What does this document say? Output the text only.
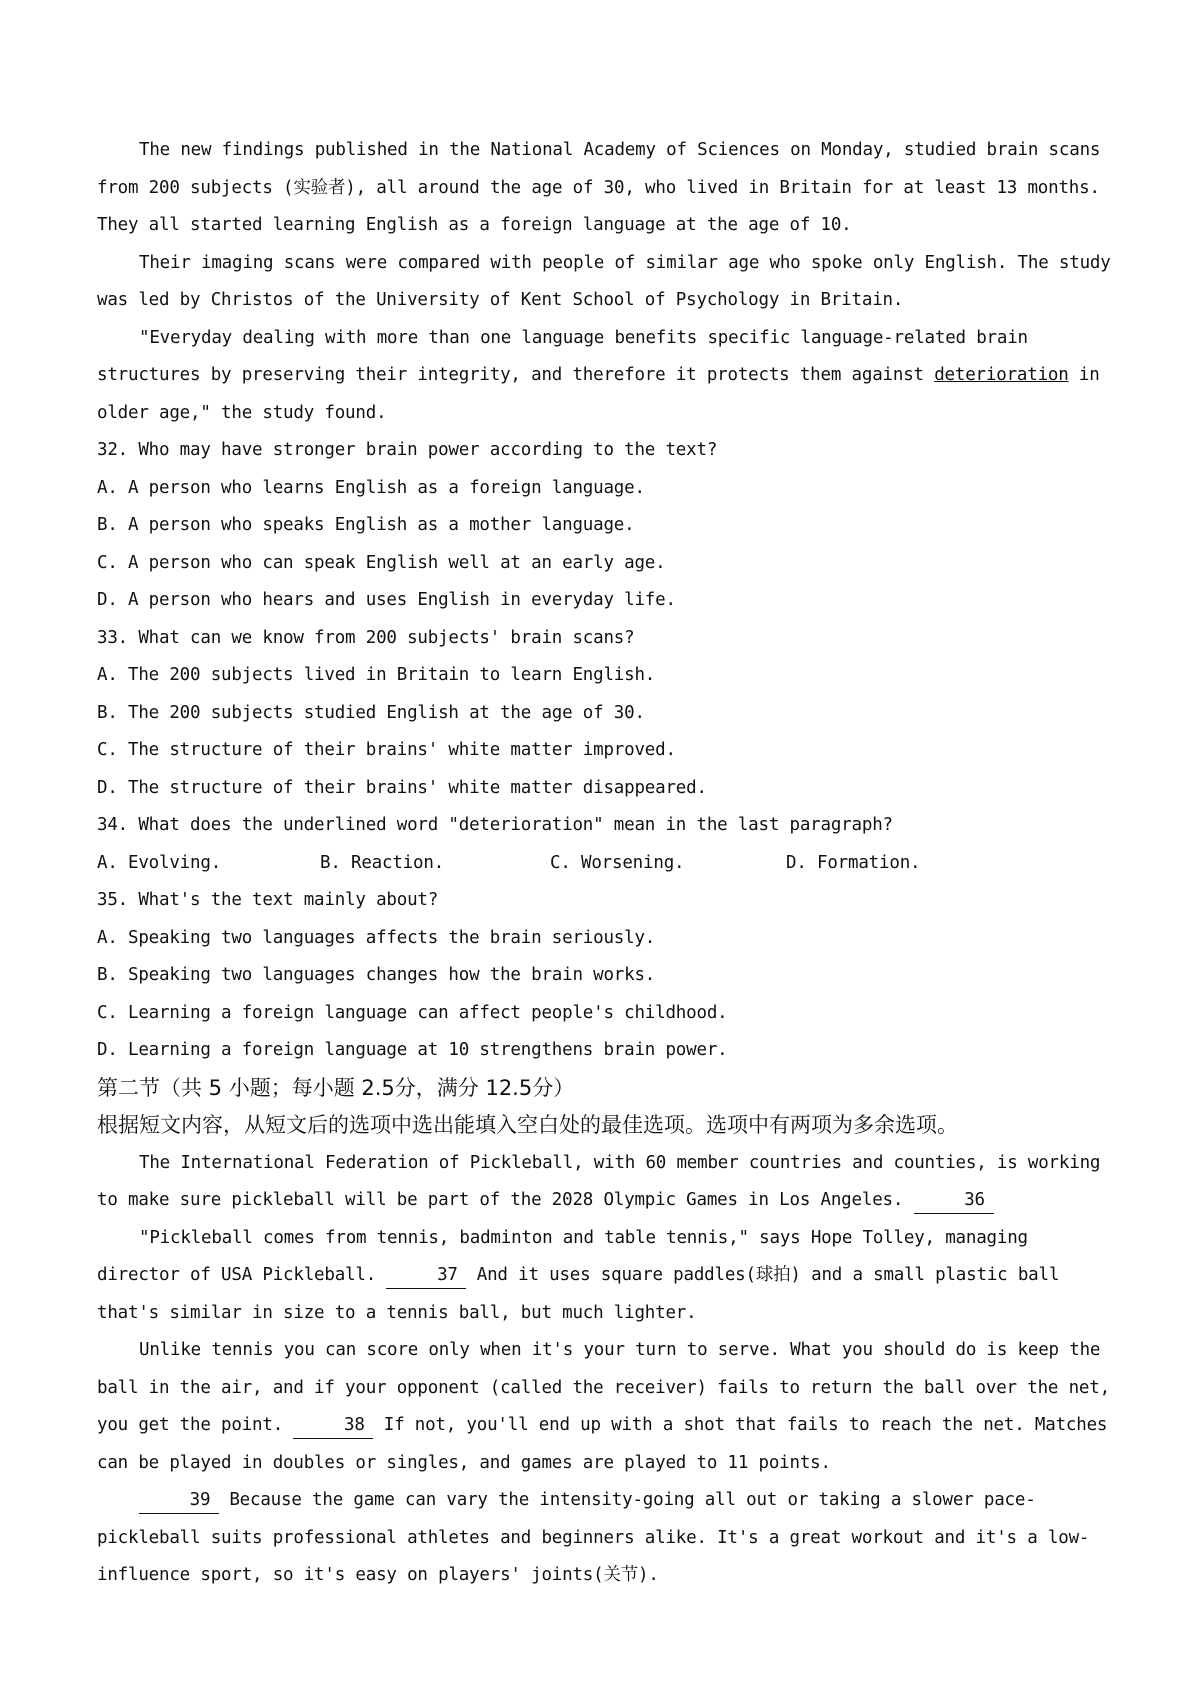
The new findings published in the National Academy of Sciences on Monday, studied brain scans from 200 subjects (实验者), all around the age of 30, who lived in Britain for at least 13 months. They all started learning English as a foreign language at the age of 10.

Their imaging scans were compared with people of similar age who spoke only English. The study was led by Christos of the University of Kent School of Psychology in Britain.

"Everyday dealing with more than one language benefits specific language-related brain structures by preserving their integrity, and therefore it protects them against deterioration in older age," the study found.

32. Who may have stronger brain power according to the text?

A. A person who learns English as a foreign language.

B. A person who speaks English as a mother language.

C. A person who can speak English well at an early age.

D. A person who hears and uses English in everyday life.

33. What can we know from 200 subjects' brain scans?

A. The 200 subjects lived in Britain to learn English.

B. The 200 subjects studied English at the age of 30.

C. The structure of their brains' white matter improved.

D. The structure of their brains' white matter disappeared.

34. What does the underlined word "deterioration" mean in the last paragraph?

A. Evolving.	B. Reaction.	C. Worsening.	D. Formation.

35. What's the text mainly about?

A. Speaking two languages affects the brain seriously.

B. Speaking two languages changes how the brain works.

C. Learning a foreign language can affect people's childhood.

D. Learning a foreign language at 10 strengthens brain power.

第二节（共 5 小题；每小题 2.5分，满分 12.5分）

根据短文内容，从短文后的选项中选出能填入空白处的最佳选项。选项中有两项为多余选项。

The International Federation of Pickleball, with 60 member countries and counties, is working to make sure pickleball will be part of the 2028 Olympic Games in Los Angeles.	36

"Pickleball comes from tennis, badminton and table tennis," says Hope Tolley, managing director of USA Pickleball.	37 And it uses square paddles(球拍) and a small plastic ball that's similar in size to a tennis ball, but much lighter.

Unlike tennis you can score only when it's your turn to serve. What you should do is keep the ball in the air, and if your opponent (called the receiver) fails to return the ball over the net, you get the point.	38 If not, you'll end up with a shot that fails to reach the net. Matches can be played in doubles or singles, and games are played to 11 points.

39 Because the game can vary the intensity-going all out or taking a slower pace-pickleball suits professional athletes and beginners alike. It's a great workout and it's a low-influence sport, so it's easy on players' joints(关节).
